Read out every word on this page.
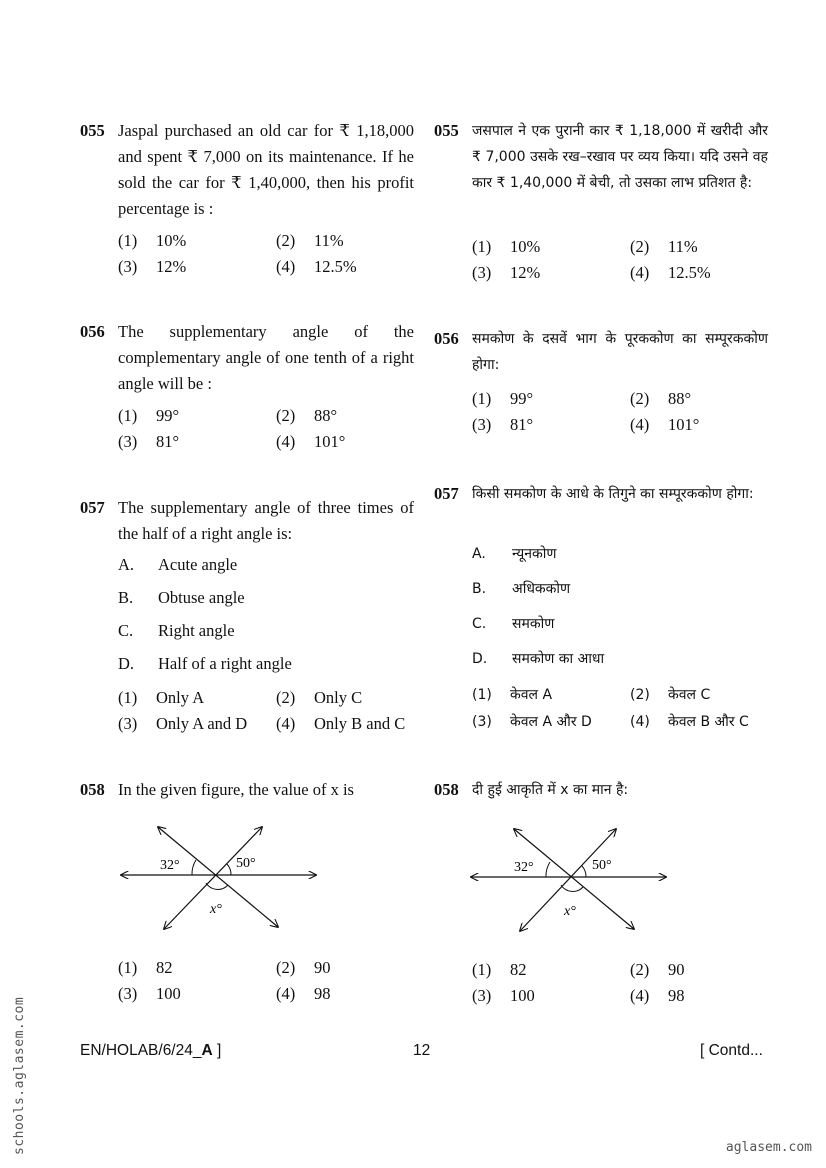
055 Jaspal purchased an old car for ₹ 1,18,000 and spent ₹ 7,000 on its maintenance. If he sold the car for ₹ 1,40,000, then his profit percentage is :
(1) 10%	(2) 11%
(3) 12%	(4) 12.5%
056 The supplementary angle of the complementary angle of one tenth of a right angle will be :
(1) 99°	(2) 88°
(3) 81°	(4) 101°
057 The supplementary angle of three times of the half of a right angle is:
A. Acute angle
B. Obtuse angle
C. Right angle
D. Half of a right angle
(1) Only A	(2) Only C
(3) Only A and D (4) Only B and C
058 In the given figure, the value of x is
32°	50°
x°
(1) 82	(2) 90
(3) 100	(4) 98
055 जसपाल ने एक पुरानी कार ₹ 1,18,000 में खरीदी और ₹ 7,000 उसके रख–रखाव पर व्यय किया। यदि उसने वह कार ₹ 1,40,000 में बेची, तो उसका लाभ प्रतिशत है:
(1) 10%	(2) 11%
(3) 12%	(4) 12.5%
056 समकोण के दसवें भाग के पूरककोण का सम्पूरककोण होगा:
(1) 99°	(2) 88°
(3) 81°	(4) 101°
057 किसी समकोण के आधे के तिगुने का सम्पूरककोण होगा:
A. न्यूनकोण
B. अधिककोण
C. समकोण
D. समकोण का आधा
(1) केवल A	(2) केवल C
(3) केवल A और D	(4) केवल B और C
058 दी हुई आकृति में x का मान है:
32°	50°
x°
(1) 82	(2) 90
(3) 100	(4) 98
EN/HOLAB/6/24_A ]	12	[ Contd...
schools.aglasem.com	aglasem.com
